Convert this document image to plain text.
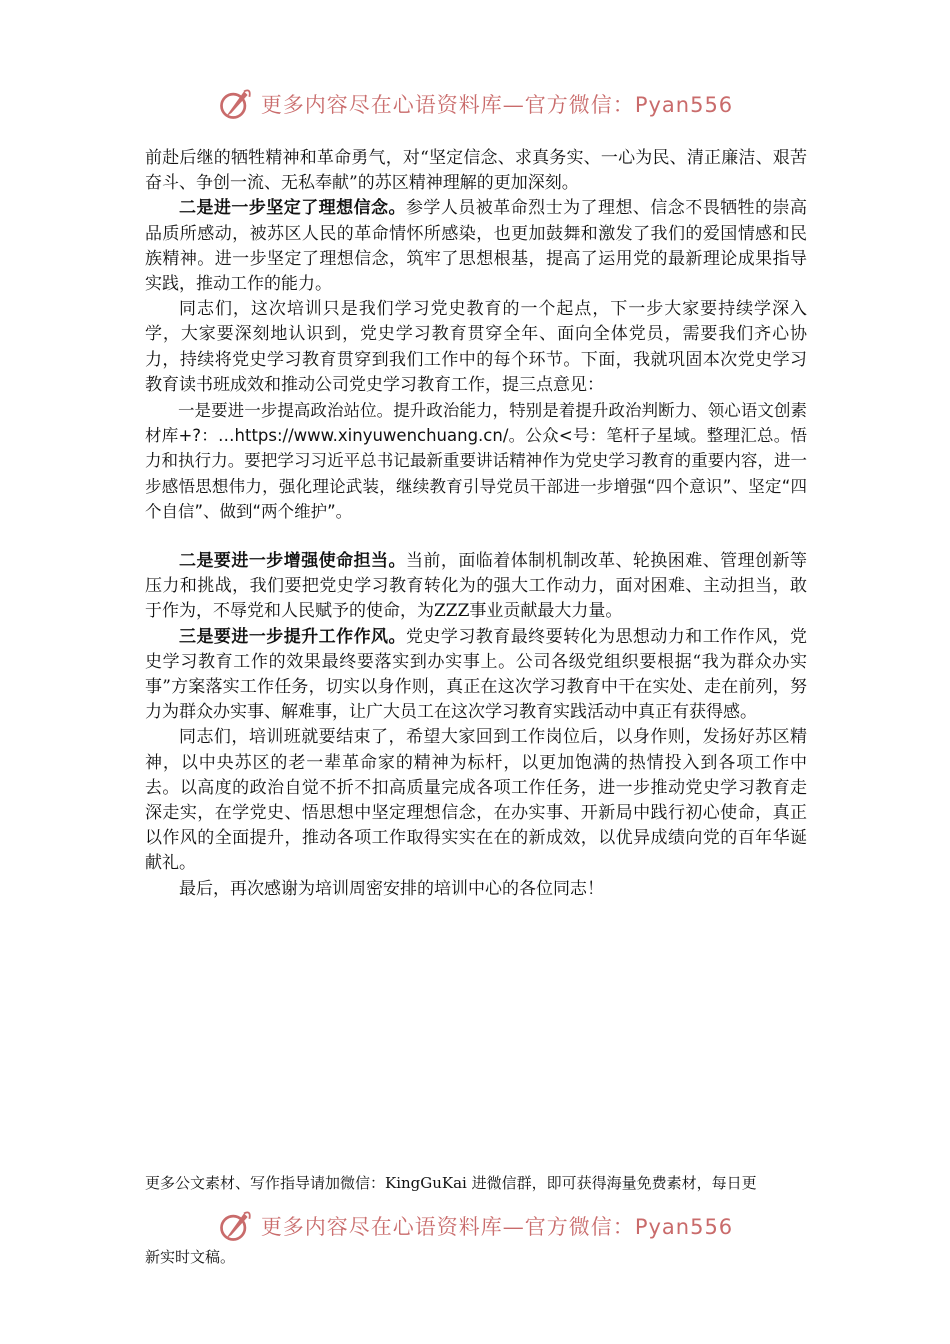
更多内容尽在心语资料库—官方微信：Pyan556

前赴后继的牺牲精神和革命勇气，对“坚定信念、求真务实、一心为民、清正廉洁、艰苦奋斗、争创一流、无私奉献”的苏区精神理解的更加深刻。

二是进一步坚定了理想信念。参学人员被革命烈士为了理想、信念不畏牺牲的崇高品质所感动，被苏区人民的革命情怀所感染，也更加鼓舞和激发了我们的爱国情感和民族精神。进一步坚定了理想信念，筑牢了思想根基，提高了运用党的最新理论成果指导实践，推动工作的能力。

同志们，这次培训只是我们学习党史教育的一个起点，下一步大家要持续学深入学，大家要深刻地认识到，党史学习教育贯穿全年、面向全体党员，需要我们齐心协力，持续将党史学习教育贯穿到我们工作中的每个环节。下面，我就巩固本次党史学习教育读书班成效和推动公司党史学习教育工作，提三点意见：

一是要进一步提高政治站位。提升政治能力，特别是着提升政治判断力、领心语文创素材库+?：…https://www.xinyuwenchuang.cn/。公众<号：笔杆子星域。整理汇总。悟力和执行力。要把学习习近平总书记最新重要讲话精神作为党史学习教育的重要内容，进一步感悟思想伟力，强化理论武装，继续教育引导党员干部进一步增强“四个意识”、坚定“四个自信”、做到“两个维护”。

二是要进一步增强使命担当。当前，面临着体制机制改革、轮换困难、管理创新等压力和挑战，我们要把党史学习教育转化为的强大工作动力，面对困难、主动担当，敢于作为，不辱党和人民赋予的使命，为ZZZ事业贡献最大力量。

三是要进一步提升工作作风。党史学习教育最终要转化为思想动力和工作作风，党史学习教育工作的效果最终要落实到办实事上。公司各级党组织要根据“我为群众办实事”方案落实工作任务，切实以身作则，真正在这次学习教育中干在实处、走在前列，努力为群众办实事、解难事，让广大员工在这次学习教育实践活动中真正有获得感。

同志们，培训班就要结束了，希望大家回到工作岗位后，以身作则，发扬好苏区精神，以中央苏区的老一辈革命家的精神为标杆，以更加饱满的热情投入到各项工作中去。以高度的政治自觉不折不扣高质量完成各项工作任务，进一步推动党史学习教育走深走实，在学党史、悟思想中坚定理想信念，在办实事、开新局中践行初心使命，真正以作风的全面提升，推动各项工作取得实实在在的新成效，以优异成绩向党的百年华诞献礼。

最后，再次感谢为培训周密安排的培训中心的各位同志！

更多公文素材、写作指导请加微信：KingGuKai 进微信群，即可获得海量免费素材，每日更
更多内容尽在心语资料库—官方微信：Pyan556
新实时文稿。
